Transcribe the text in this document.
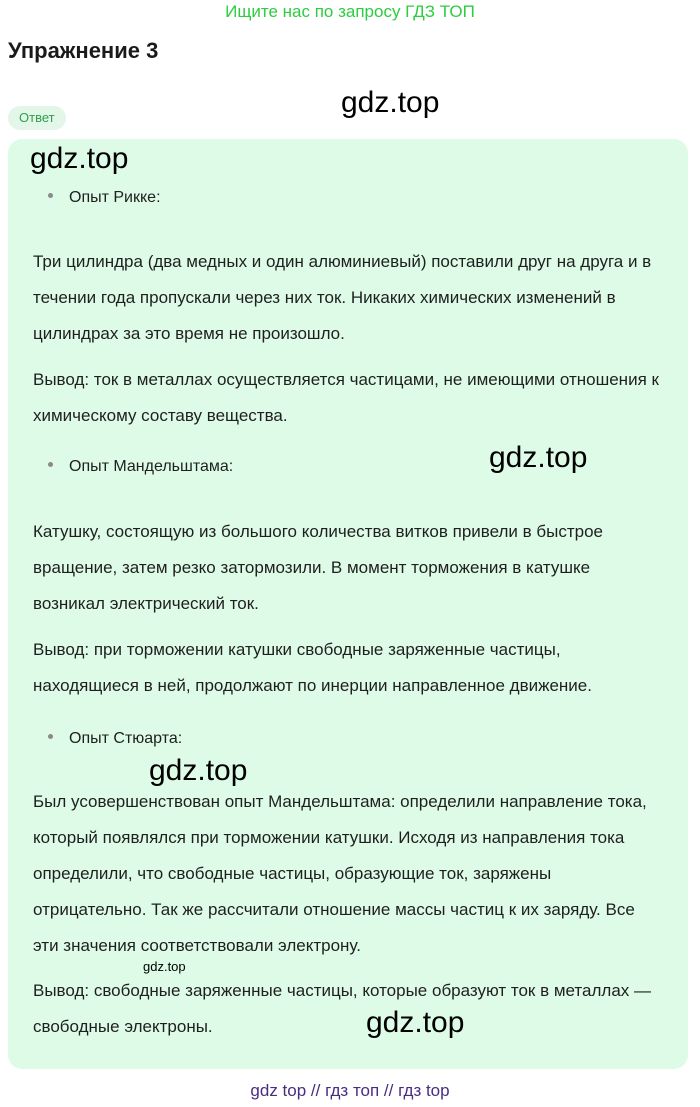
Ищите нас по запросу ГДЗ ТОП
Упражнение 3
gdz.top
Ответ
gdz.top
Опыт Рикке:
Три цилиндра (два медных и один алюминиевый) поставили друг на друга и в течении года пропускали через них ток. Никаких химических изменений в цилиндрах за это время не произошло.
Вывод: ток в металлах осуществляется частицами, не имеющими отношения к химическому составу вещества.
Опыт Мандельштама:	gdz.top
Катушку, состоящую из большого количества витков привели в быстрое вращение, затем резко затормозили. В момент торможения в катушке возникал электрический ток.
Вывод: при торможении катушки свободные заряженные частицы, находящиеся в ней, продолжают по инерции направленное движение.
Опыт Стюарта:
gdz.top
Был усовершенствован опыт Мандельштама: определили направление тока, который появлялся при торможении катушки. Исходя из направления тока определили, что свободные частицы, образующие ток, заряжены отрицательно. Так же рассчитали отношение массы частиц к их заряду. Все эти значения соответствовали электрону.
gdz.top
Вывод: свободные заряженные частицы, которые образуют ток в металлах — свободные электроны.	gdz.top
gdz top // гдз топ // гдз top
